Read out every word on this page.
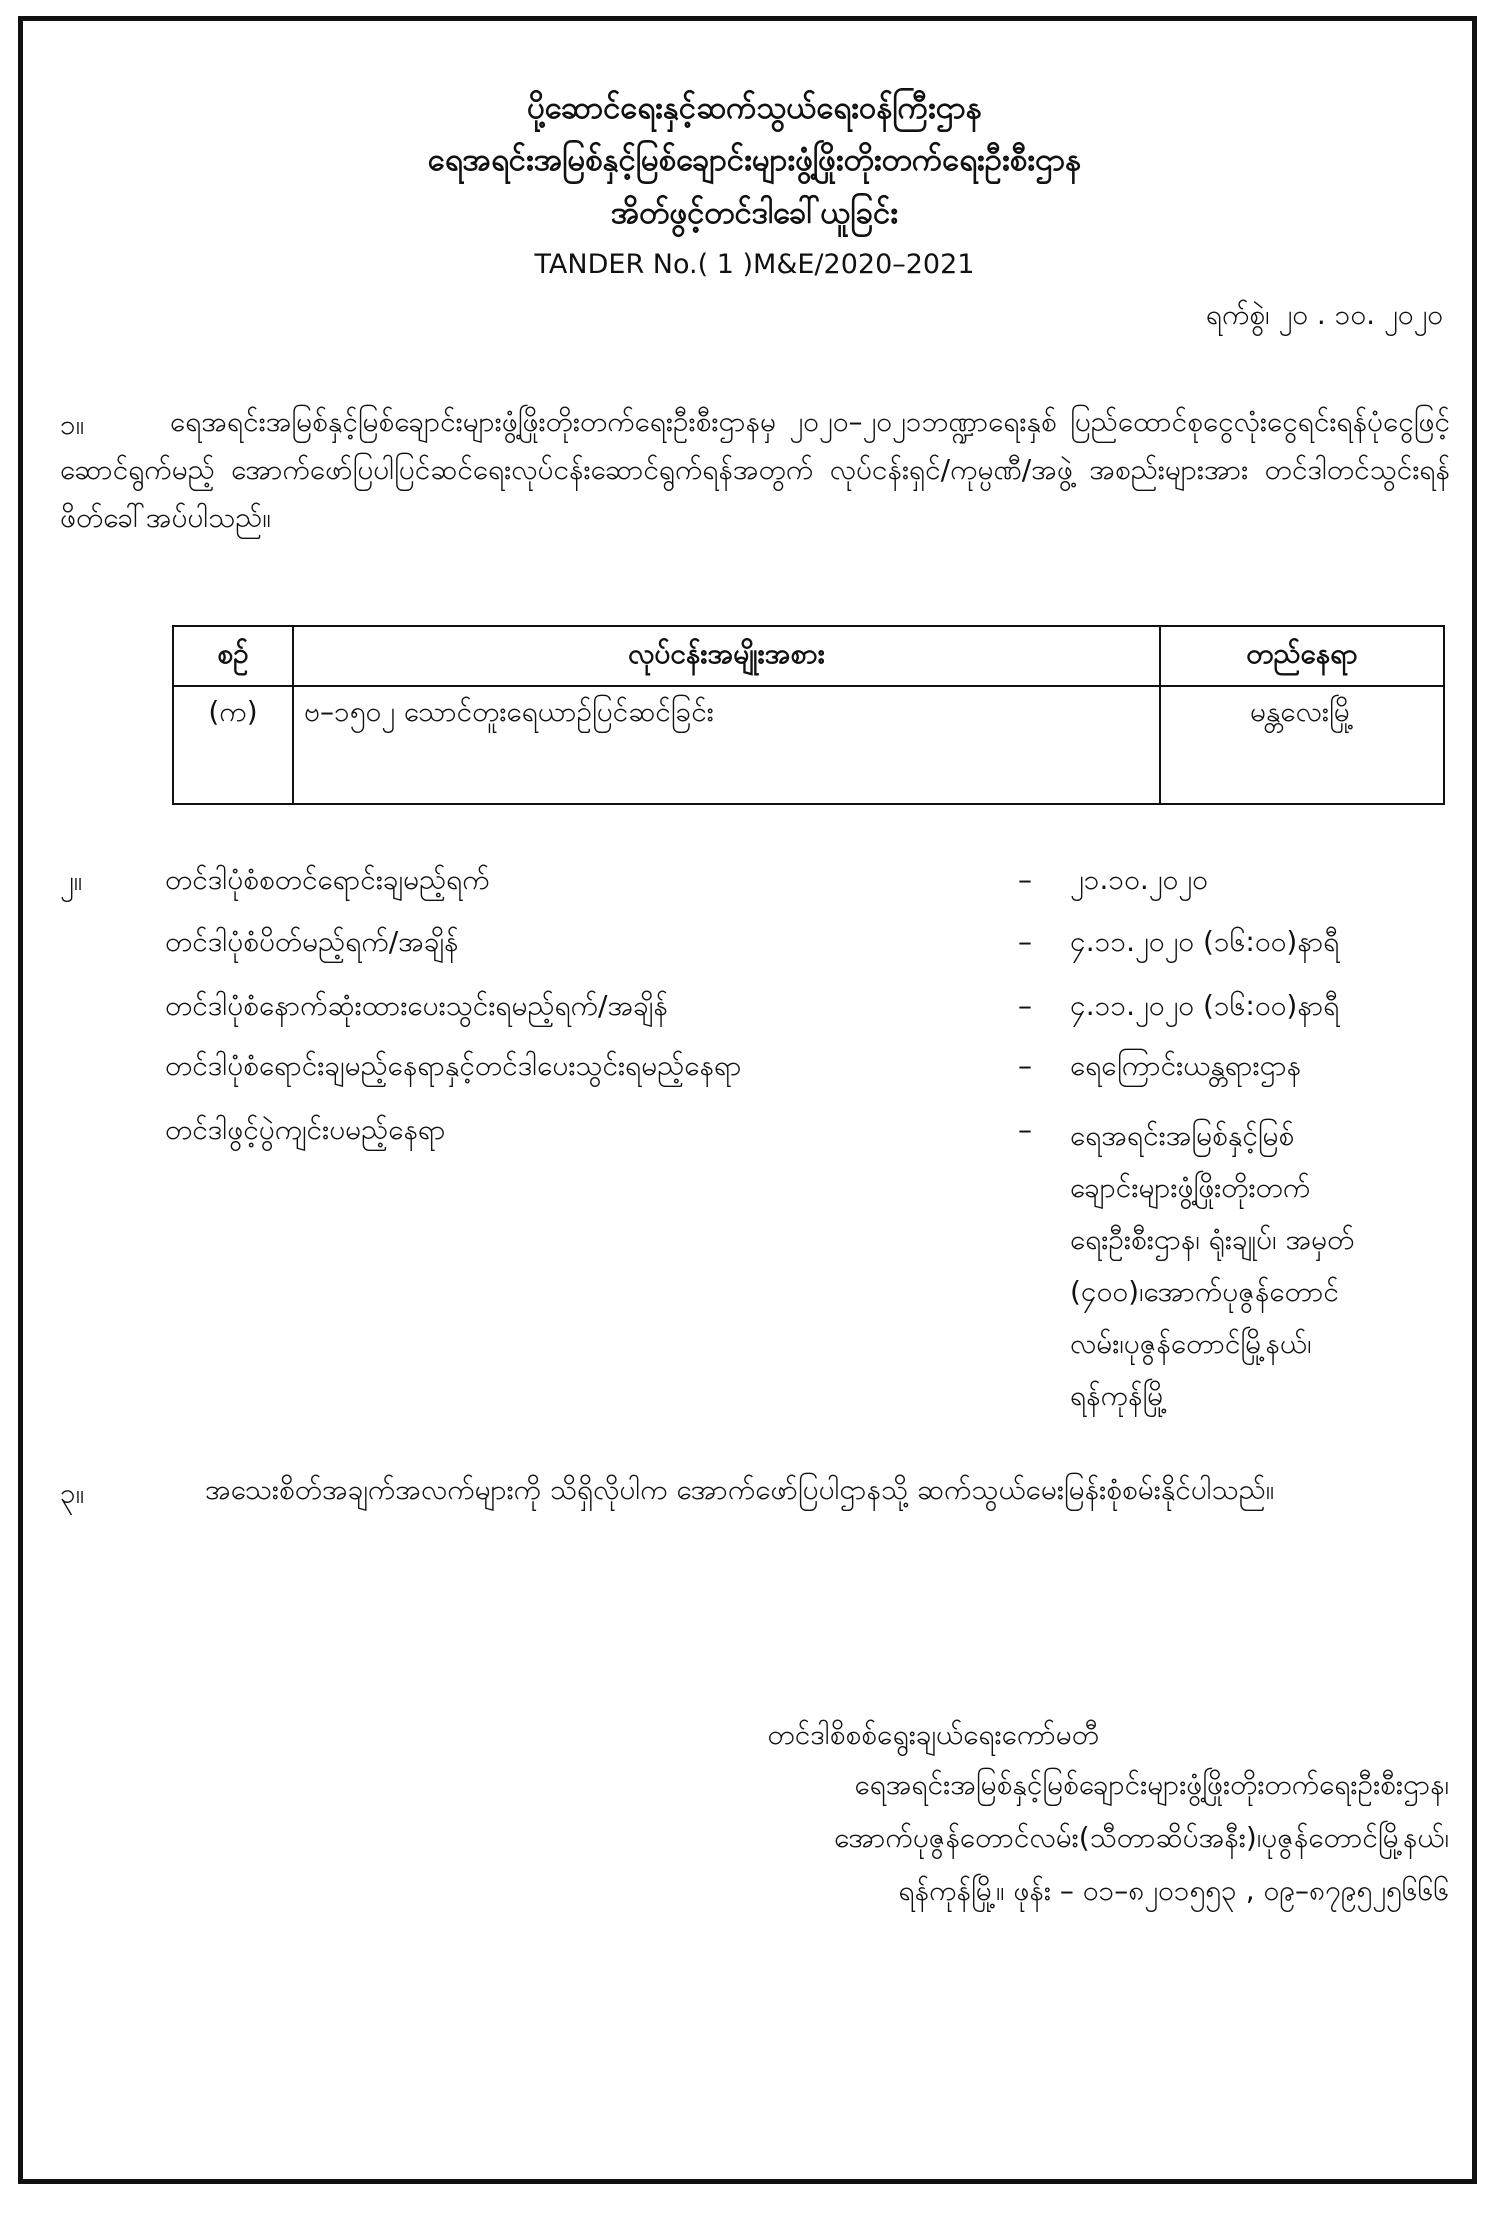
ပို့ဆောင်ရေးနှင့်ဆက်သွယ်ရေးဝန်ကြီးဌာန
ရေအရင်းအမြစ်နှင့်မြစ်ချောင်းများဖွံ့ဖြိုးတိုးတက်ရေးဦးစီးဌာန
အိတ်ဖွင့်တင်ဒါခေါ်ယူခြင်း
TANDER No.( 1 )M&E/2020–2021
ရက်စွဲ၊ ၂၀ . ၁၀. ၂၀၂၀
၁။	ရေအရင်းအမြစ်နှင့်မြစ်ချောင်းများဖွံ့ဖြိုးတိုးတက်ရေးဦးစီးဌာနမှ ၂၀၂၀–၂၀၂၁ဘဏ္ဍာရေးနှစ် ပြည်ထောင်စုငွေလုံးငွေရင်းရန်ပုံငွေဖြင့်ဆောင်ရွက်မည့် အောက်ဖော်ပြပါပြင်ဆင်ရေးလုပ်ငန်းဆောင်ရွက်ရန်အတွက် လုပ်ငန်းရှင်/ကုမ္ပဏီ/အဖွဲ့ အစည်းများအား တင်ဒါတင်သွင်းရန် ဖိတ်ခေါ်အပ်ပါသည်။
စဉ်	လုပ်ငန်းအမျိုးအစား	တည်နေရာ
(က)	ဗ–၁၅၀၂ သောင်တူးရေယာဉ်ပြင်ဆင်ခြင်း	မန္တလေးမြို့
၂။	တင်ဒါပုံစံစတင်ရောင်းချမည့်ရက်	– ၂၁.၁၀.၂၀၂၀
တင်ဒါပုံစံပိတ်မည့်ရက်/အချိန်	– ၄.၁၁.၂၀၂၀ (၁၆:၀၀)နာရီ
တင်ဒါပုံစံနောက်ဆုံးထားပေးသွင်းရမည့်ရက်/အချိန်	– ၄.၁၁.၂၀၂၀ (၁၆:၀၀)နာရီ
တင်ဒါပုံစံရောင်းချမည့်နေရာနှင့်တင်ဒါပေးသွင်းရမည့်နေရာ	– ရေကြောင်းယန္တရားဌာန
တင်ဒါဖွင့်ပွဲကျင်းပမည့်နေရာ	– ရေအရင်းအမြစ်နှင့်မြစ်
ချောင်းများဖွံ့ဖြိုးတိုးတက်
ရေးဦးစီးဌာန၊ ရုံးချုပ်၊ အမှတ်
(၄၀၀)၊အောက်ပုဇွန်တောင်
လမ်း၊ပုဇွန်တောင်မြို့နယ်၊
ရန်ကုန်မြို့
၃။	အသေးစိတ်အချက်အလက်များကို သိရှိလိုပါက အောက်ဖော်ပြပါဌာနသို့ ဆက်သွယ်မေးမြန်းစုံစမ်းနိုင်ပါသည်။
တင်ဒါစိစစ်ရွေးချယ်ရေးကော်မတီ
ရေအရင်းအမြစ်နှင့်မြစ်ချောင်းများဖွံ့ဖြိုးတိုးတက်ရေးဦးစီးဌာန၊
အောက်ပုဇွန်တောင်လမ်း(သီတာဆိပ်အနီး)၊ပုဇွန်တောင်မြို့နယ်၊
ရန်ကုန်မြို့။ ဖုန်း – ၀၁–၈၂၀၁၅၅၃ , ၀၉–၈၇၉၅၂၅၆၆၆
